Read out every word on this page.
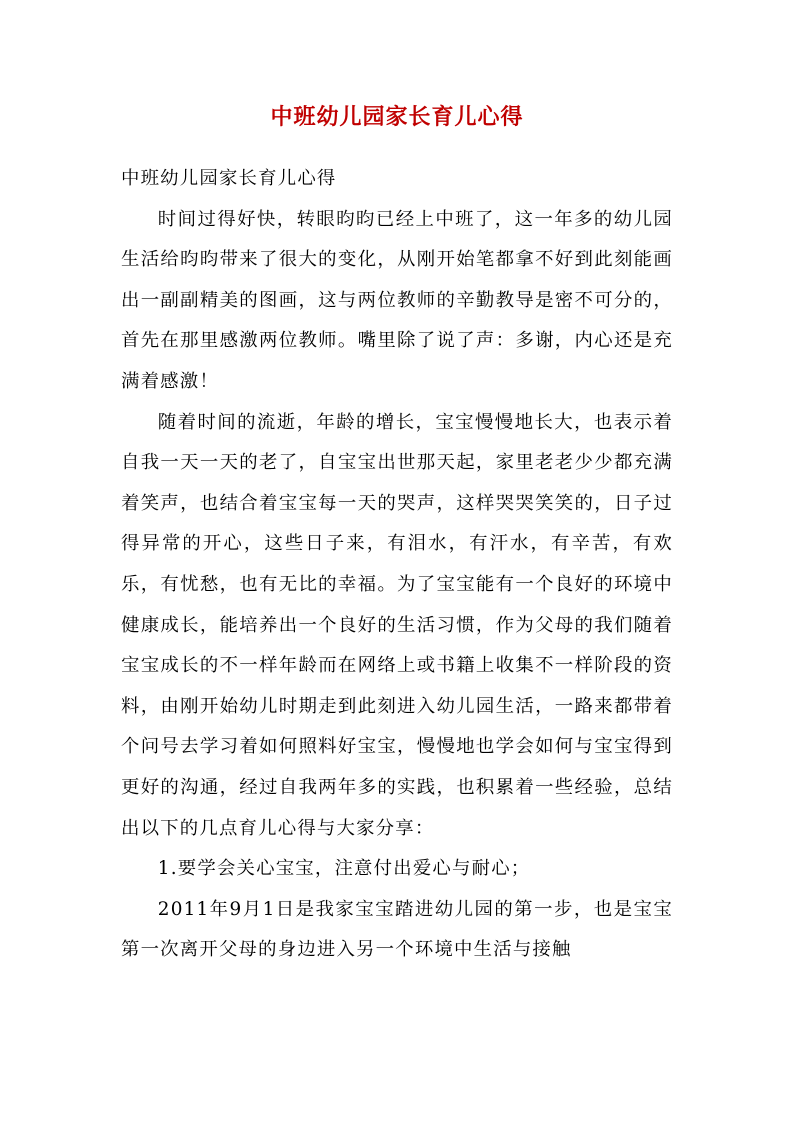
中班幼儿园家长育儿心得

中班幼儿园家长育儿心得

时间过得好快，转眼昀昀已经上中班了，这一年多的幼儿园生活给昀昀带来了很大的变化，从刚开始笔都拿不好到此刻能画出一副副精美的图画，这与两位教师的辛勤教导是密不可分的，首先在那里感激两位教师。嘴里除了说了声：多谢，内心还是充满着感激！

随着时间的流逝，年龄的增长，宝宝慢慢地长大，也表示着自我一天一天的老了，自宝宝出世那天起，家里老老少少都充满着笑声，也结合着宝宝每一天的哭声，这样哭哭笑笑的，日子过得异常的开心，这些日子来，有泪水，有汗水，有辛苦，有欢乐，有忧愁，也有无比的幸福。为了宝宝能有一个良好的环境中健康成长，能培养出一个良好的生活习惯，作为父母的我们随着宝宝成长的不一样年龄而在网络上或书籍上收集不一样阶段的资料，由刚开始幼儿时期走到此刻进入幼儿园生活，一路来都带着个问号去学习着如何照料好宝宝，慢慢地也学会如何与宝宝得到更好的沟通，经过自我两年多的实践，也积累着一些经验，总结出以下的几点育儿心得与大家分享：

1.要学会关心宝宝，注意付出爱心与耐心；

2011年9月1日是我家宝宝踏进幼儿园的第一步，也是宝宝第一次离开父母的身边进入另一个环境中生活与接触
